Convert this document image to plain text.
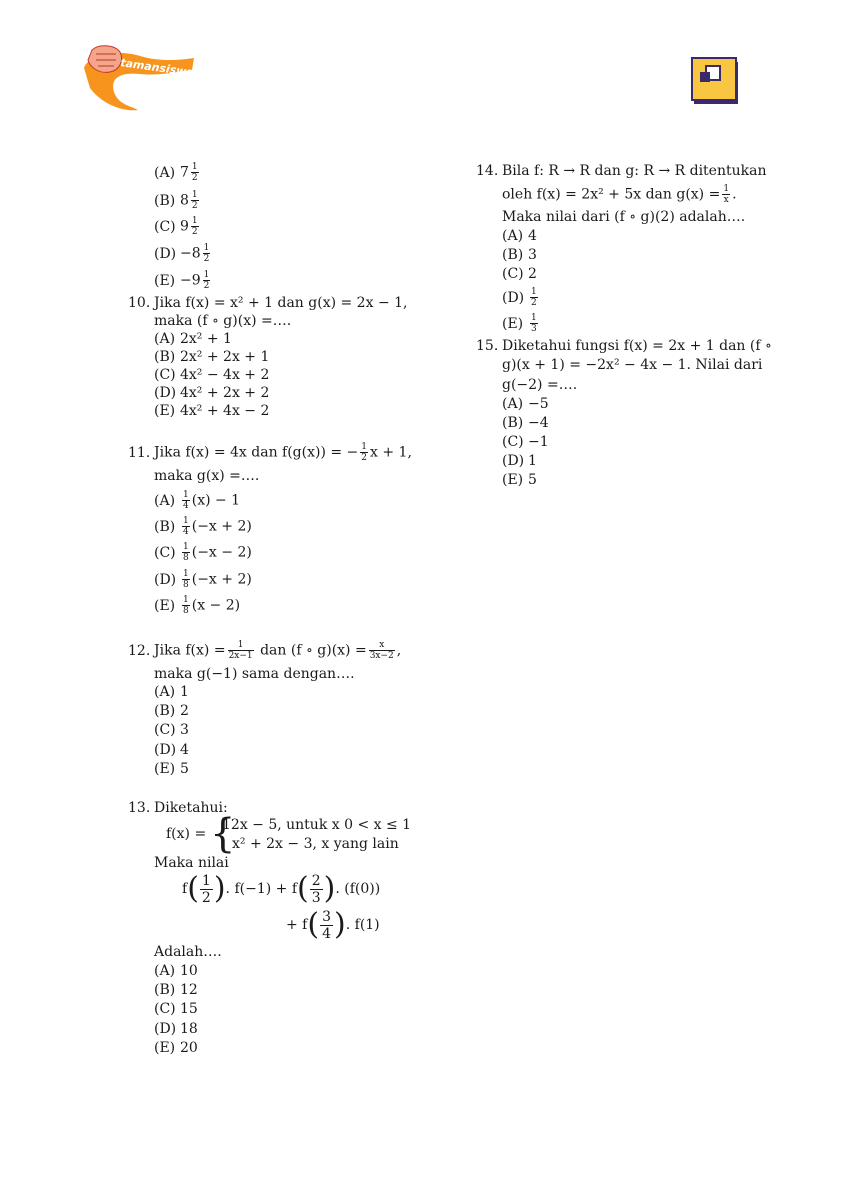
tamansiswa
(A) $7 \frac{1}{2}$
(B) $8 \frac{1}{2}$
(C) $9 \frac{1}{2}$
$(D) -8 \frac{1}{2}$
$(E) -9 \frac{1}{2}$
10. Jika f(x) = x² + 1 dan g(x) = 2x − 1,
maka (f ∘ g)(x) =….
(A) 2x² + 1
(B) 2x² + 2x + 1
(C) 4x² − 4x + 2
(D) 4x² + 2x + 2
(E) 4x² + 4x − 2
11. Jika f(x) = 4x dan f(g(x)) = − $\frac{1}{2}$ x + 1,
maka g(x) =….
$(A) \frac{1}{4} (x) - 1$
$(B) \frac{1}{4} (-x + 2)$
$(C) \frac{1}{8} (-x - 2)$
$(D) \frac{1}{8} (-x + 2)$
$(E) \frac{1}{8} (x - 2)$
12. Jika $f(x) = \frac{1}{2x-1}$ dan (f ∘ $g)(x) = \frac{x}{3x-2}$ ,
maka g(−1) sama dengan….
(A) 1
(B) 2
(C) 3
(D) 4
(E) 5
13. Diketahui:
f(x) = {
12x − 5, untuk x 0 < x ≤ 1
x² + 2x − 3, x yang lain
Maka nilai
$f( \frac{1}{2}$ ). $f(-1) + f( \frac{2}{3}$ ). (f(0))
+ $f( \frac{3}{4}$ ). f(1)
Adalah….
(A) 10
(B) 12
(C) 15
(D) 18
(E) 20
14. Bila f: R → R dan g: R → R ditentukan
oleh f(x) = 2x² + 5x dan $g(x) = \frac{1}{x}$ .
Maka nilai dari (f ∘ g)(2) adalah….
(A) 4
(B) 3
(C) 2
$(D) \frac{1}{2}$
$(E) \frac{1}{3}$
15. Diketahui fungsi f(x) = 2x + 1 dan (f ∘
g)(x + 1) = −2x² − 4x − 1. Nilai dari
g(−2) =….
(A) −5
(B) −4
(C) −1
(D) 1
(E) 5
